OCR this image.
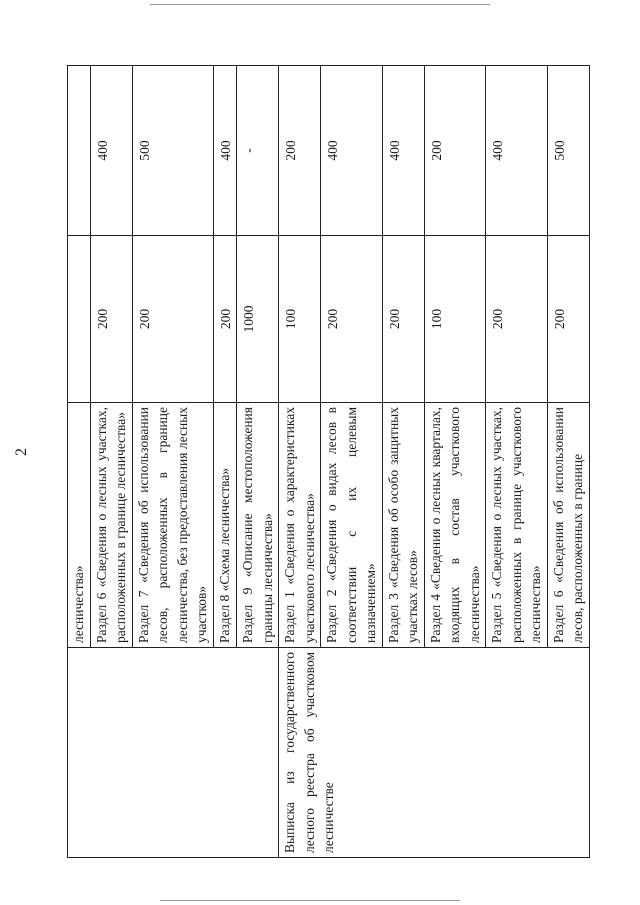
2
	лесничества»		
	Раздел 6 «Сведения о лесных участках, расположенных в границе лесничества»	200	400
	Раздел 7 «Сведения об использовании лесов, расположенных в границе лесничества, без предоставления лесных участков»	200	500
	Раздел 8 «Схема лесничества»	200	400
	Раздел 9 «Описание местоположения границы лесничества»	1000	-
Выписка из государственного лесного реестра об участковом лесничестве	Раздел 1 «Сведения о характеристиках участкового лесничества»	100	200
	Раздел 2 «Сведения о видах лесов в соответствии с их целевым назначением»	200	400
	Раздел 3 «Сведения об особо защитных участках лесов»	200	400
	Раздел 4 «Сведения о лесных кварталах, входящих в состав участкового лесничества»	100	200
	Раздел 5 «Сведения о лесных участках, расположенных в границе участкового лесничества»	200	400
	Раздел 6 «Сведения об использовании лесов, расположенных в границе	200	500
